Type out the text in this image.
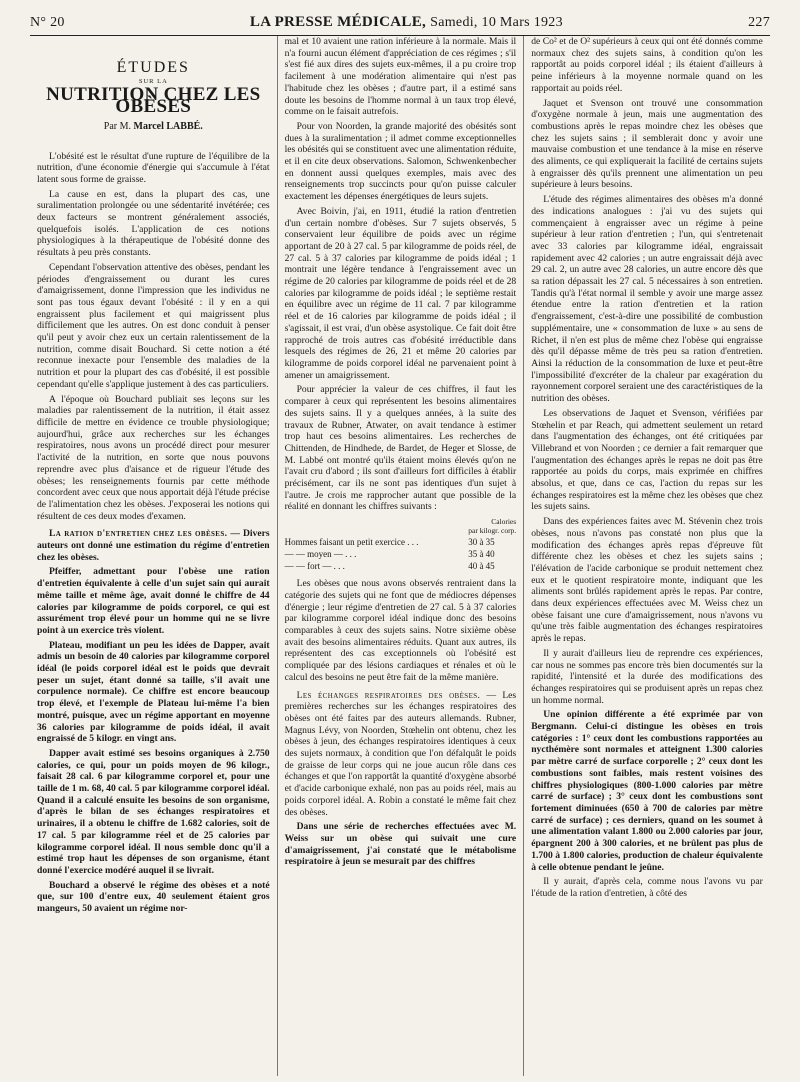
N° 20	LA PRESSE MÉDICALE, Samedi, 10 Mars 1923	227
ÉTUDES
SUR LA
NUTRITION CHEZ LES OBÈSES
Par M. Marcel LABBÉ.

L'obésité est le résultat d'une rupture de l'équilibre de la nutrition, d'une économie d'énergie qui s'accumule à l'état latent sous forme de graisse.

La cause en est, dans la plupart des cas, une suralimentation prolongée ou une sédentarité invétérée; ces deux facteurs se montrent généralement associés, quelquefois isolés. L'application de ces notions physiologiques à la thérapeutique de l'obésité donne des résultats à peu près constants.

Cependant l'observation attentive des obèses, pendant les périodes d'engraissement ou durant les cures d'amaigrissement, donne l'impression que les individus ne sont pas tous égaux devant l'obésité : il y en a qui engraissent plus facilement et qui maigrissent plus difficilement que les autres. On est donc conduit à penser qu'il peut y avoir chez eux un certain ralentissement de la nutrition, comme disait Bouchard. Si cette notion a été reconnue inexacte pour l'ensemble des maladies de la nutrition et pour la plupart des cas d'obésité, il est possible cependant qu'elle s'applique justement à des cas particuliers.

A l'époque où Bouchard publiait ses leçons sur les maladies par ralentissement de la nutrition, il était assez difficile de mettre en évidence ce trouble physiologique; aujourd'hui, grâce aux recherches sur les échanges respiratoires, nous avons un procédé direct pour mesurer l'activité de la nutrition, en sorte que nous pouvons reprendre avec plus d'aisance et de rigueur l'étude des obèses; les renseignements fournis par cette méthode concordent avec ceux que nous apportait déjà l'étude précise de l'alimentation chez les obèses. J'exposerai les notions qui résultent de ces deux modes d'examen.

La ration d'entretien chez les obèses. — Divers auteurs ont donné une estimation du régime d'entretien chez les obèses.

Pfeiffer, admettant pour l'obèse une ration d'entretien équivalente à celle d'un sujet sain qui aurait même taille et même âge, avait donné le chiffre de 44 calories par kilogramme de poids corporel, ce qui est assurément trop élevé pour un homme qui ne se livre point à un exercice très violent.

Plateau, modifiant un peu les idées de Dapper, avait admis un besoin de 40 calories par kilogramme corporel idéal (le poids corporel idéal est le poids que devrait peser un sujet, étant donné sa taille, s'il avait une corpulence normale). Ce chiffre est encore beaucoup trop élevé, et l'exemple de Plateau lui-même l'a bien montré, puisque, avec un régime apportant en moyenne 36 calories par kilogramme de poids idéal, il avait engraissé de 5 kilogr. en vingt ans.

Dapper avait estimé ses besoins organiques à 2.750 calories, ce qui, pour un poids moyen de 96 kilogr., faisait 28 cal. 6 par kilogramme corporel et, pour une taille de 1 m. 68, 40 cal. 5 par kilogramme corporel idéal. Quand il a calculé ensuite les besoins de son organisme, d'après le bilan de ses échanges respiratoires et urinaires, il a obtenu le chiffre de 1.682 calories, soit de 17 cal. 5 par kilogramme réel et de 25 calories par kilogramme corporel idéal. Il nous semble donc qu'il a estimé trop haut les dépenses de son organisme, étant donné l'exercice modéré auquel il se livrait.

Bouchard a observé le régime des obèses et a noté que, sur 100 d'entre eux, 40 seulement étaient gros mangeurs, 50 avaient un régime nor-

mal et 10 avaient une ration inférieure à la normale. Mais il n'a fourni aucun élément d'appréciation de ces régimes ; s'il s'est fié aux dires des sujets eux-mêmes, il a pu croire trop facilement à une modération alimentaire qui n'est pas l'habitude chez les obèses ; d'autre part, il a estimé sans doute les besoins de l'homme normal à un taux trop élevé, comme on le faisait autrefois.

Pour von Noorden, la grande majorité des obésités sont dues à la suralimentation ; il admet comme exceptionnelles les obésités qui se constituent avec une alimentation réduite, et il en cite deux observations. Salomon, Schwenkenbecher en donnent aussi quelques exemples, mais avec des renseignements trop succincts pour qu'on puisse calculer exactement les dépenses énergétiques de leurs sujets.

Avec Boivin, j'ai, en 1911, étudié la ration d'entretien d'un certain nombre d'obèses. Sur 7 sujets observés, 5 conservaient leur équilibre de poids avec un régime apportant de 20 à 27 cal. 5 par kilogramme de poids réel, de 27 cal. 5 à 37 calories par kilogramme de poids idéal ; 1 montrait une légère tendance à l'engraissement avec un régime de 20 calories par kilogramme de poids réel et de 28 calories par kilogramme de poids idéal ; le septième restait en équilibre avec un régime de 11 cal. 7 par kilogramme réel et de 16 calories par kilogramme de poids idéal ; il s'agissait, il est vrai, d'un obèse asystolique. Ce fait doit être rapproché de trois autres cas d'obésité irréductible dans lesquels des régimes de 26, 21 et même 20 calories par kilogramme de poids corporel idéal ne parvenaient point à amener un amaigrissement.

Pour apprécier la valeur de ces chiffres, il faut les comparer à ceux qui représentent les besoins alimentaires des sujets sains. Il y a quelques années, à la suite des travaux de Rubner, Atwater, on avait tendance à estimer trop haut ces besoins alimentaires. Les recherches de Chittenden, de Hindhede, de Bardet, de Heger et Slosse, de M. Labbé ont montré qu'ils étaient moins élevés qu'on ne l'avait cru d'abord ; ils sont d'ailleurs fort difficiles à établir précisément, car ils ne sont pas identiques d'un sujet à l'autre. Je crois me rapprocher autant que possible de la réalité en donnant les chiffres suivants :

Calories
par kilogr. corp.
Hommes faisant un petit exercice . . .	30 à 35
— — moyen — . . .	35 à 40
— — fort — . . .	40 à 45

Les obèses que nous avons observés rentraient dans la catégorie des sujets qui ne font que de médiocres dépenses d'énergie ; leur régime d'entretien de 27 cal. 5 à 37 calories par kilogramme corporel idéal indique donc des besoins comparables à ceux des sujets sains. Notre sixième obèse avait des besoins alimentaires réduits. Quant aux autres, ils représentent des cas exceptionnels où l'obésité est compliquée par des lésions cardiaques et rénales et où le calcul des besoins ne peut être fait de la même manière.

Les échanges respiratoires des obèses. — Les premières recherches sur les échanges respiratoires des obèses ont été faites par des auteurs allemands. Rubner, Magnus Lévy, von Noorden, Stœhelin ont obtenu, chez les obèses à jeun, des échanges respiratoires identiques à ceux des sujets normaux, à condition que l'on défalquât le poids de graisse de leur corps qui ne joue aucun rôle dans ces échanges et que l'on rapportât la quantité d'oxygène absorbé et d'acide carbonique exhalé, non pas au poids réel, mais au poids corporel idéal. A. Robin a constaté le même fait chez des obèses.

Dans une série de recherches effectuées avec M. Weiss sur un obèse qui suivait une cure d'amaigrissement, j'ai constaté que le métabolisme respiratoire à jeun se mesurait par des chiffres

de Co² et de O² supérieurs à ceux qui ont été donnés comme normaux chez des sujets sains, à condition qu'on les rapportât au poids corporel idéal ; ils étaient d'ailleurs à peine inférieurs à la moyenne normale quand on les rapportait au poids réel.

Jaquet et Svenson ont trouvé une consommation d'oxygène normale à jeun, mais une augmentation des combustions après le repas moindre chez les obèses que chez les sujets sains ; il semblerait donc y avoir une mauvaise combustion et une tendance à la mise en réserve des aliments, ce qui expliquerait la facilité de certains sujets à engraisser dès qu'ils prennent une alimentation un peu supérieure à leurs besoins.

L'étude des régimes alimentaires des obèses m'a donné des indications analogues : j'ai vu des sujets qui commençaient à engraisser avec un régime à peine supérieur à leur ration d'entretien ; l'un, qui s'entretenait avec 33 calories par kilogramme idéal, engraissait rapidement avec 42 calories ; un autre engraissait déjà avec 29 cal. 2, un autre avec 28 calories, un autre encore dès que sa ration dépassait les 27 cal. 5 nécessaires à son entretien. Tandis qu'à l'état normal il semble y avoir une marge assez étendue entre la ration d'entretien et la ration d'engraissement, c'est-à-dire une possibilité de combustion supplémentaire, une « consommation de luxe » au sens de Richet, il n'en est plus de même chez l'obèse qui engraisse dès qu'il dépasse même de très peu sa ration d'entretien. Ainsi la réduction de la consommation de luxe et peut-être l'impossibilité d'excréter de la chaleur par exagération du rayonnement corporel seraient une des caractéristiques de la nutrition des obèses.

Les observations de Jaquet et Svenson, vérifiées par Stœhelin et par Reach, qui admettent seulement un retard dans l'augmentation des échanges, ont été critiquées par Villebrand et von Noorden ; ce dernier a fait remarquer que l'augmentation des échanges après le repas ne doit pas être rapportée au poids du corps, mais exprimée en chiffres absolus, et que, dans ce cas, l'action du repas sur les échanges respiratoires est la même chez les obèses que chez les sujets sains.

Dans des expériences faites avec M. Stévenin chez trois obèses, nous n'avons pas constaté non plus que la modification des échanges après repas d'épreuve fût différente chez les obèses et chez les sujets sains ; l'élévation de l'acide carbonique se produit nettement chez eux et le quotient respiratoire monte, indiquant que les aliments sont brûlés rapidement après le repas. Par contre, dans deux expériences effectuées avec M. Weiss chez un obèse faisant une cure d'amaigrissement, nous n'avons vu qu'une très faible augmentation des échanges respiratoires après le repas.

Il y aurait d'ailleurs lieu de reprendre ces expériences, car nous ne sommes pas encore très bien documentés sur la rapidité, l'intensité et la durée des modifications des échanges respiratoires qui se produisent après un repas chez un homme normal.

Une opinion différente a été exprimée par von Bergmann. Celui-ci distingue les obèses en trois catégories : 1° ceux dont les combustions rapportées au nycthémère sont normales et atteignent 1.300 calories par mètre carré de surface corporelle ; 2° ceux dont les combustions sont faibles, mais restent voisines des chiffres physiologiques (800-1.000 calories par mètre carré de surface) ; 3° ceux dont les combustions sont fortement diminuées (650 à 700 de calories par mètre carré de surface) ; ces derniers, quand on les soumet à une alimentation valant 1.800 ou 2.000 calories par jour, épargnent 200 à 300 calories, et ne brûlent pas plus de 1.700 à 1.800 calories, production de chaleur équivalente à celle obtenue pendant le jeûne.

Il y aurait, d'après cela, comme nous l'avons vu par l'étude de la ration d'entretien, à côté des
